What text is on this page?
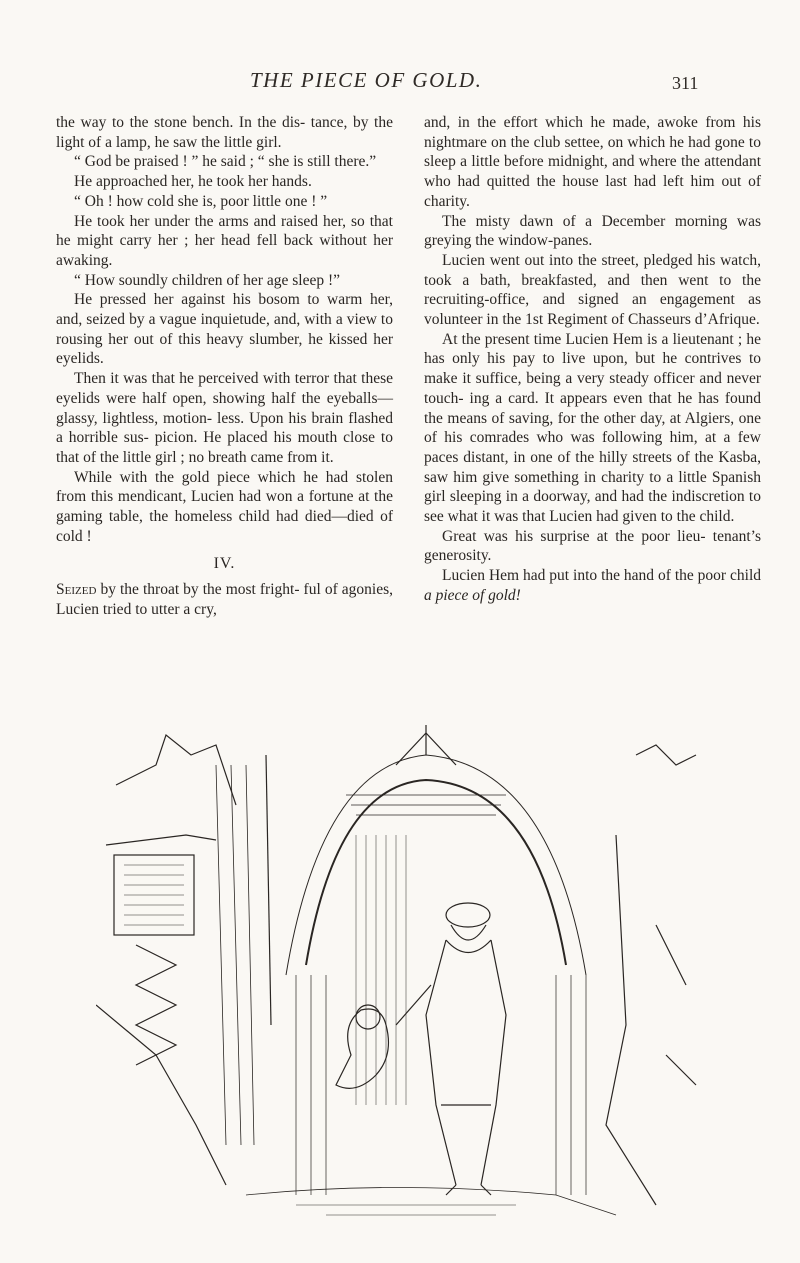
THE PIECE OF GOLD.	311

the way to the stone bench. In the dis- tance, by the light of a lamp, he saw the little girl.

“ God be praised ! ” he said ; “ she is still there.”

He approached her, he took her hands.

“ Oh ! how cold she is, poor little one ! ”

He took her under the arms and raised her, so that he might carry her ; her head fell back without her awaking.

“ How soundly children of her age sleep !”

He pressed her against his bosom to warm her, and, seized by a vague inquietude, and, with a view to rousing her out of this heavy slumber, he kissed her eyelids.

Then it was that he perceived with terror that these eyelids were half open, showing half the eyeballs—glassy, lightless, motion- less. Upon his brain flashed a horrible sus- picion. He placed his mouth close to that of the little girl ; no breath came from it.

While with the gold piece which he had stolen from this mendicant, Lucien had won a fortune at the gaming table, the homeless child had died—died of cold !

IV.

Seized by the throat by the most fright- ful of agonies, Lucien tried to utter a cry,

and, in the effort which he made, awoke from his nightmare on the club settee, on which he had gone to sleep a little before midnight, and where the attendant who had quitted the house last had left him out of charity.

The misty dawn of a December morning was greying the window-panes.

Lucien went out into the street, pledged his watch, took a bath, breakfasted, and then went to the recruiting-office, and signed an engagement as volunteer in the 1st Regiment of Chasseurs d’Afrique.

At the present time Lucien Hem is a lieutenant ; he has only his pay to live upon, but he contrives to make it suffice, being a very steady officer and never touch- ing a card. It appears even that he has found the means of saving, for the other day, at Algiers, one of his comrades who was following him, at a few paces distant, in one of the hilly streets of the Kasba, saw him give something in charity to a little Spanish girl sleeping in a doorway, and had the indiscretion to see what it was that Lucien had given to the child.

Great was his surprise at the poor lieu- tenant’s generosity.

Lucien Hem had put into the hand of the poor child a piece of gold!
